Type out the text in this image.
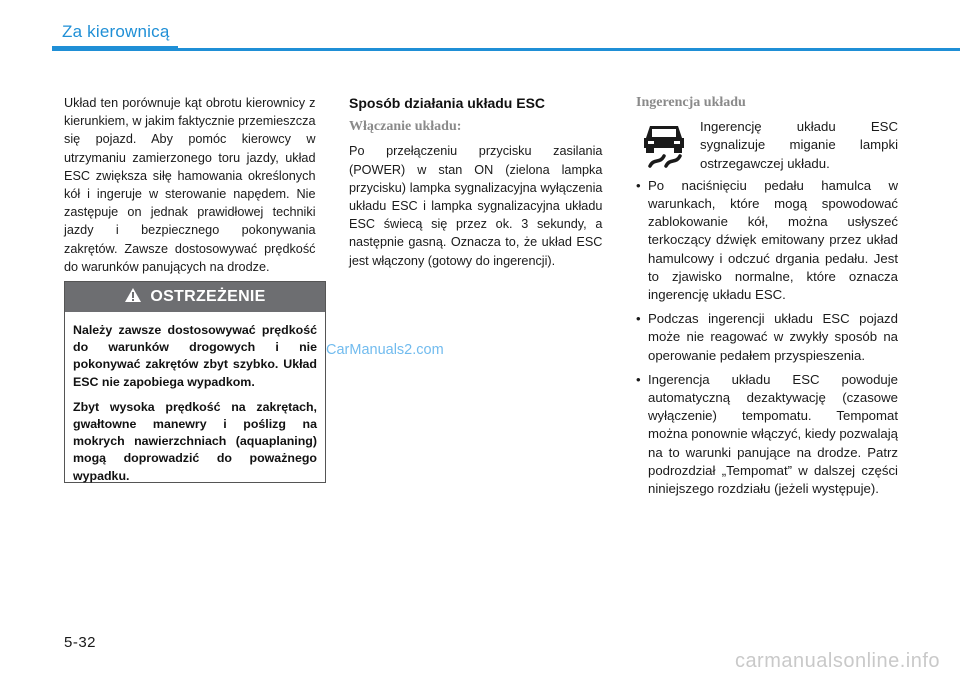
Za kierownicą

Układ ten porównuje kąt obrotu kierownicy z kierunkiem, w jakim faktycznie przemieszcza się pojazd. Aby pomóc kierowcy w utrzymaniu zamierzonego toru jazdy, układ ESC zwiększa siłę hamowania określonych kół i ingeruje w sterowanie napędem. Nie zastępuje on jednak prawidłowej techniki jazdy i bezpiecznego pokonywania zakrętów. Zawsze dostosowywać prędkość do warunków panujących na drodze.

OSTRZEŻENIE

Należy zawsze dostosowywać prędkość do warunków drogowych i nie pokonywać zakrętów zbyt szybko. Układ ESC nie zapobiega wypadkom.

Zbyt wysoka prędkość na zakrętach, gwałtowne manewry i poślizg na mokrych nawierzchniach (aquaplaning) mogą doprowadzić do poważnego wypadku.

CarManuals2.com
Sposób działania układu ESC
Włączanie układu:

Po przełączeniu przycisku zasilania (POWER) w stan ON (zielona lampka przycisku) lampka sygnalizacyjna wyłączenia układu ESC i lampka sygnalizacyjna układu ESC świecą się przez ok. 3 sekundy, a następnie gasną. Oznacza to, że układ ESC jest włączony (gotowy do ingerencji).

Ingerencja układu
Ingerencję układu ESC sygnalizuje miganie lampki ostrzegawczej układu.
• Po naciśnięciu pedału hamulca w warunkach, które mogą spowodować zablokowanie kół, można usłyszeć terkoczący dźwięk emitowany przez układ hamulcowy i odczuć drgania pedału. Jest to zjawisko normalne, które oznacza ingerencję układu ESC.
• Podczas ingerencji układu ESC pojazd może nie reagować w zwykły sposób na operowanie pedałem przyspieszenia.
• Ingerencja układu ESC powoduje automatyczną dezaktywację (czasowe wyłączenie) tempomatu. Tempomat można ponownie włączyć, kiedy pozwalają na to warunki panujące na drodze. Patrz podrozdział „Tempomat” w dalszej części niniejszego rozdziału (jeżeli występuje).
5-32
carmanualsonline.info
